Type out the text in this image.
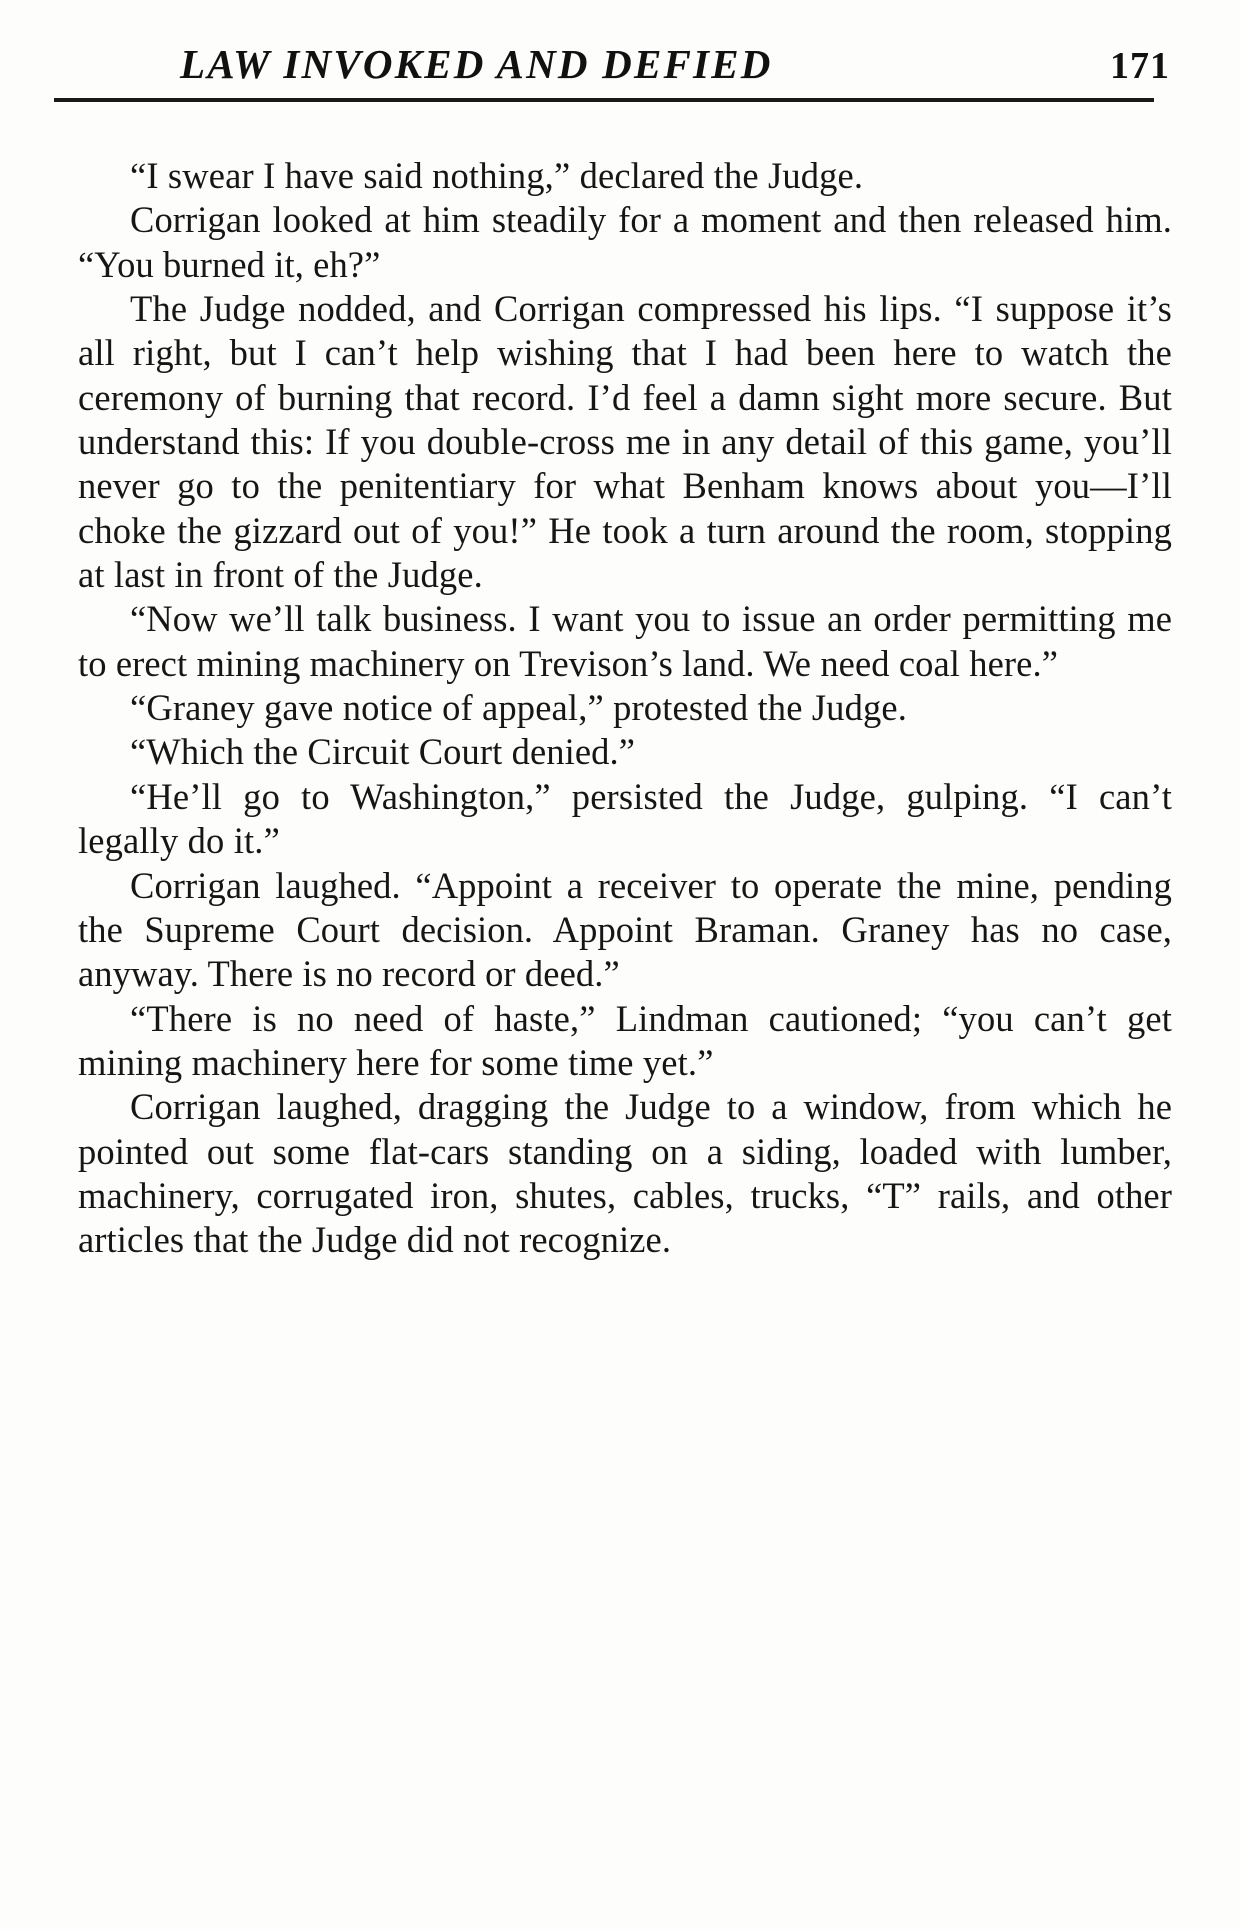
LAW INVOKED AND DEFIED	171

“I swear I have said nothing,” declared the Judge.

Corrigan looked at him steadily for a moment and then released him. “You burned it, eh?”

The Judge nodded, and Corrigan compressed his lips. “I suppose it’s all right, but I can’t help wishing that I had been here to watch the ceremony of burning that record. I’d feel a damn sight more secure. But understand this: If you double-cross me in any detail of this game, you’ll never go to the penitentiary for what Benham knows about you—I’ll choke the gizzard out of you!” He took a turn around the room, stopping at last in front of the Judge.

“Now we’ll talk business. I want you to issue an order permitting me to erect mining machinery on Trevison’s land. We need coal here.”

“Graney gave notice of appeal,” protested the Judge.

“Which the Circuit Court denied.”

“He’ll go to Washington,” persisted the Judge, gulping. “I can’t legally do it.”

Corrigan laughed. “Appoint a receiver to operate the mine, pending the Supreme Court decision. Appoint Braman. Graney has no case, anyway. There is no record or deed.”

“There is no need of haste,” Lindman cautioned; “you can’t get mining machinery here for some time yet.”

Corrigan laughed, dragging the Judge to a window, from which he pointed out some flat-cars standing on a siding, loaded with lumber, machinery, corrugated iron, shutes, cables, trucks, “T” rails, and other articles that the Judge did not recognize.
